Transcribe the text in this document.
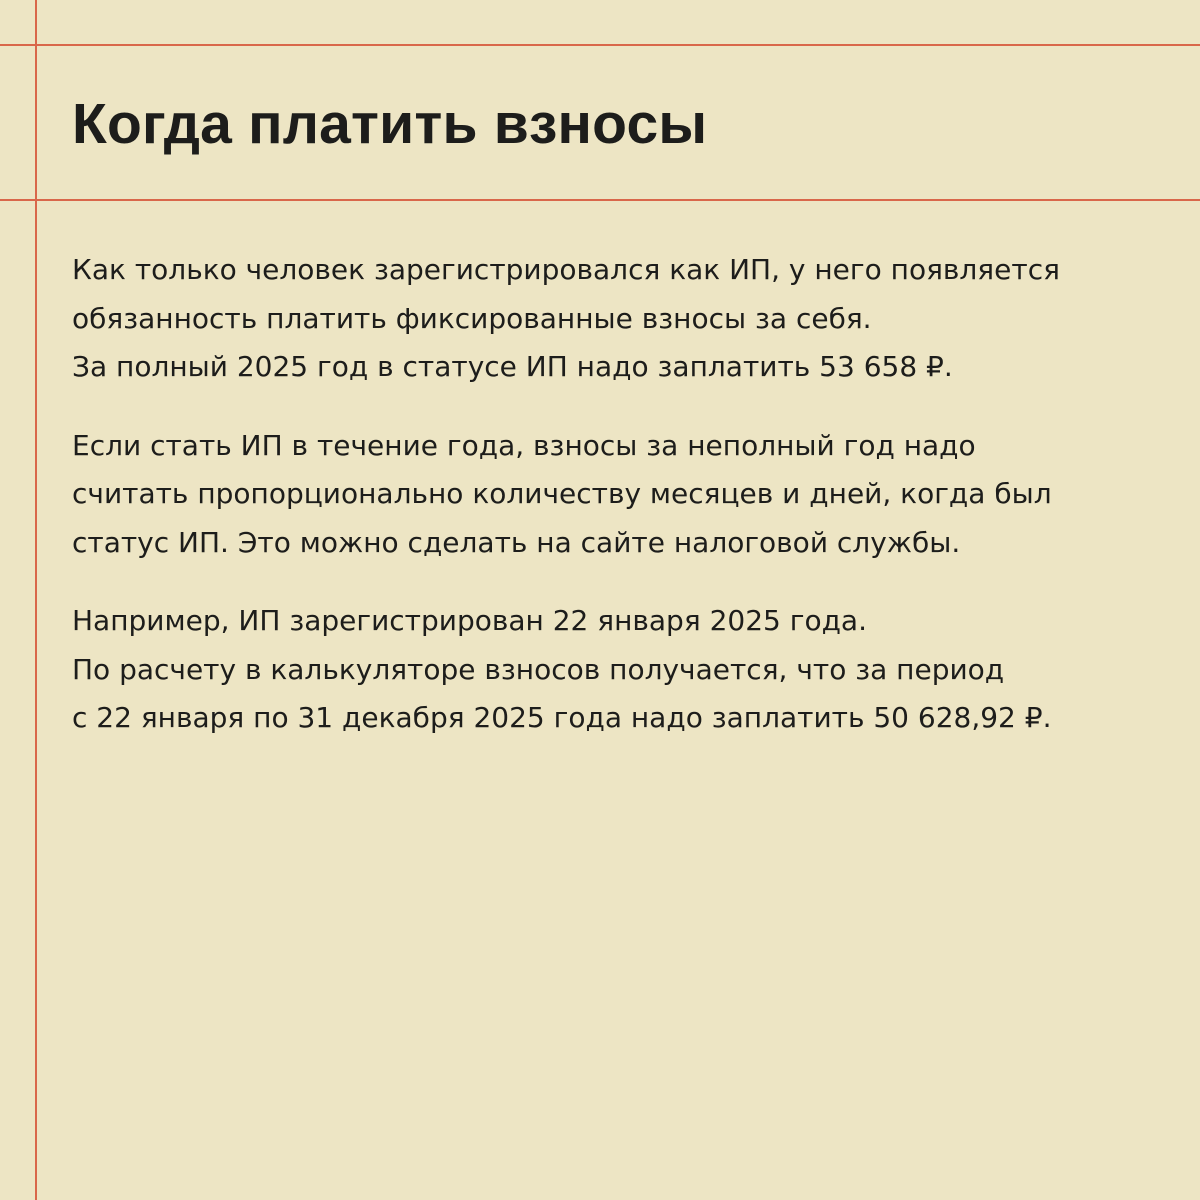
Когда платить взносы

Как только человек зарегистрировался как ИП, у него появляется
обязанность платить фиксированные взносы за себя.
За полный 2025 год в статусе ИП надо заплатить 53 658 ₽.

Если стать ИП в течение года, взносы за неполный год надо
считать пропорционально количеству месяцев и дней, когда был
статус ИП. Это можно сделать на сайте налоговой службы.

Например, ИП зарегистрирован 22 января 2025 года.
По расчету в калькуляторе взносов получается, что за период
с 22 января по 31 декабря 2025 года надо заплатить 50 628,92 ₽.
